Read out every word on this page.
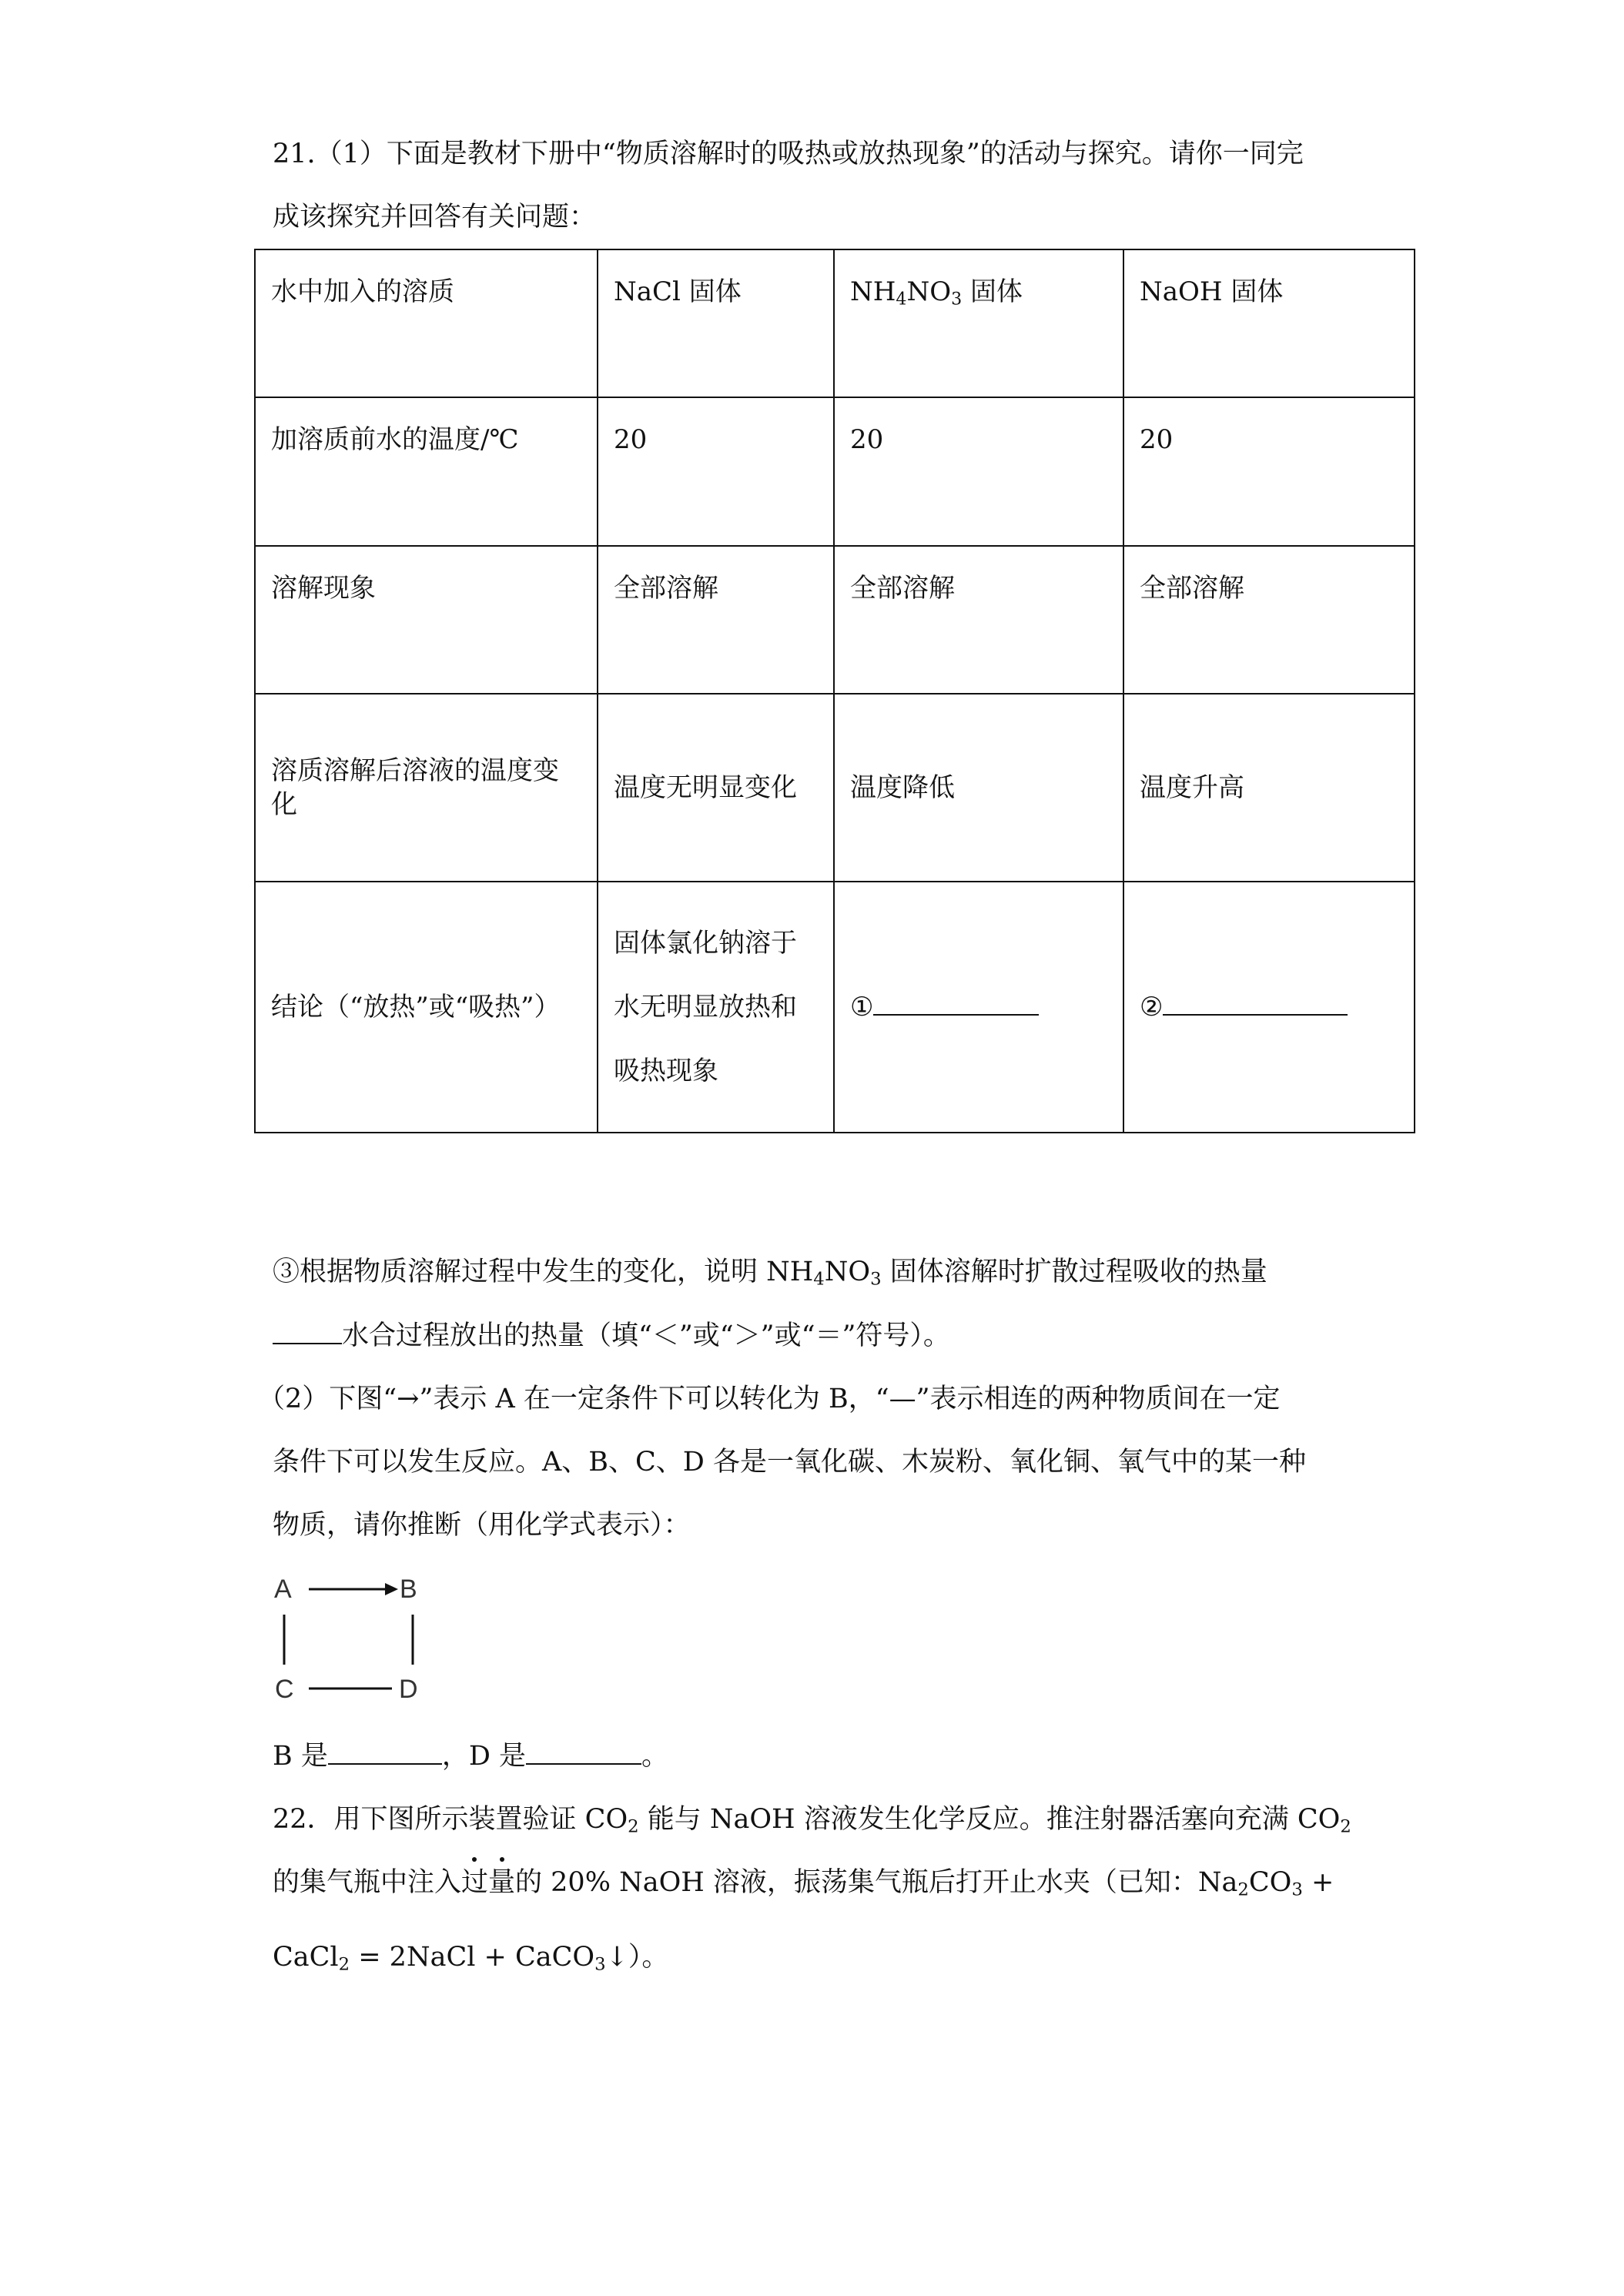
21.（1）下面是教材下册中“物质溶解时的吸热或放热现象”的活动与探究。请你一同完
成该探究并回答有关问题：
水中加入的溶质	NaCl 固体	$NH_4NO_3$ 固体	NaOH 固体
加溶质前水的温度/℃	20	20	20
溶解现象	全部溶解	全部溶解	全部溶解
溶质溶解后溶液的温度变化	温度无明显变化	温度降低	温度升高
结论（“放热”或“吸热”）	固体氯化钠溶于水无明显放热和吸热现象	①	②
③根据物质溶解过程中发生的变化，说明 $NH_4NO_3$ 固体溶解时扩散过程吸收的热量
水合过程放出的热量（填“＜”或“＞”或“＝”符号）。
（2）下图“→”表示 A 在一定条件下可以转化为 B，“—”表示相连的两种物质间在一定
条件下可以发生反应。A、B、C、D 各是一氧化碳、木炭粉、氧化铜、氧气中的某一种
物质，请你推断（用化学式表示）：
A	B
C	D
B 是	，D 是	。
22．用下图所示装置验证 $CO_2$ 能与 NaOH 溶液发生化学反应。推注射器活塞向充满 $CO_2$
的集气瓶中注入过量
的 20% NaOH 溶液，振荡集气瓶后打开止水夹（已知：$Na_2CO_3$ +
CaCl$_2$ = 2NaCl + CaCO$_3$↓）。
